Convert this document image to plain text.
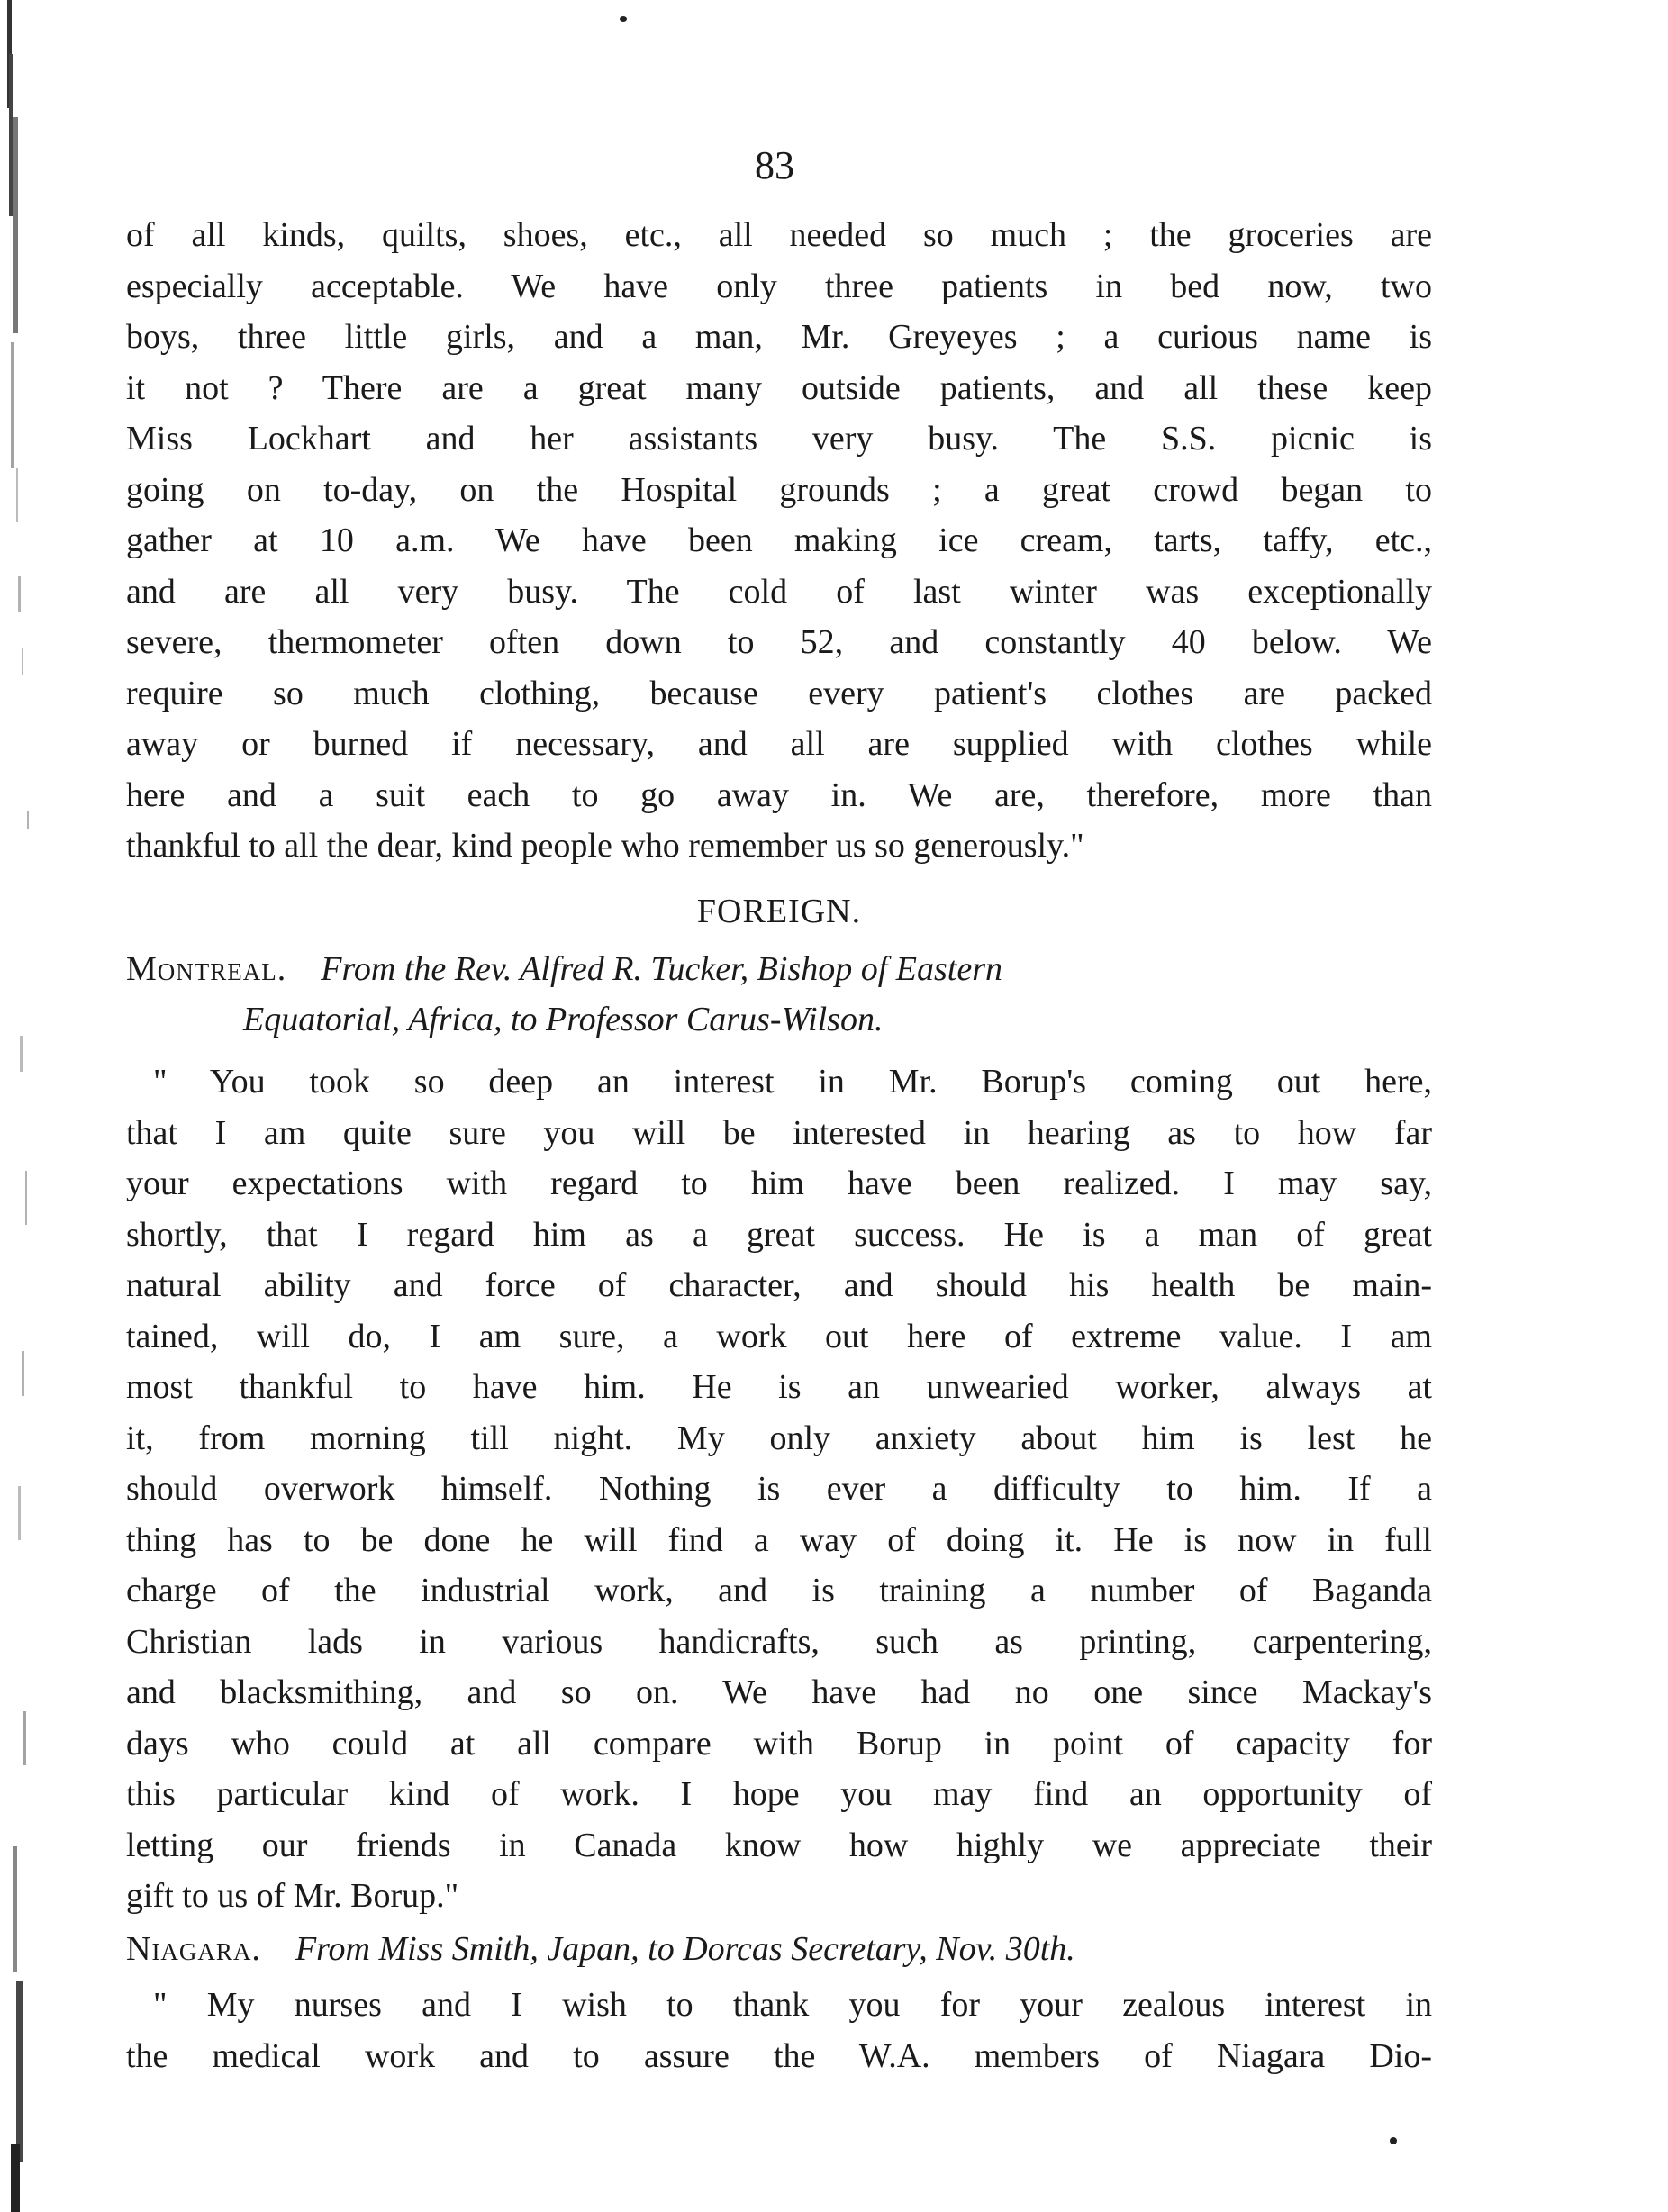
83
of all kinds, quilts, shoes, etc., all needed so much ; the groceries are
especially acceptable. We have only three patients in bed now, two
boys, three little girls, and a man, Mr. Greyeyes ; a curious name is
it not ? There are a great many outside patients, and all these keep
Miss Lockhart and her assistants very busy. The S.S. picnic is
going on to-day, on the Hospital grounds ; a great crowd began to
gather at 10 a.m. We have been making ice cream, tarts, taffy, etc.,
and are all very busy. The cold of last winter was exceptionally
severe, thermometer often down to 52, and constantly 40 below. We
require so much clothing, because every patient's clothes are packed
away or burned if necessary, and all are supplied with clothes while
here and a suit each to go away in. We are, therefore, more than
thankful to all the dear, kind people who remember us so generously."
FOREIGN.
Montreal. From the Rev. Alfred R. Tucker, Bishop of Eastern
Equatorial, Africa, to Professor Carus-Wilson.
" You took so deep an interest in Mr. Borup's coming out here,
that I am quite sure you will be interested in hearing as to how far
your expectations with regard to him have been realized. I may say,
shortly, that I regard him as a great success. He is a man of great
natural ability and force of character, and should his health be main-
tained, will do, I am sure, a work out here of extreme value. I am
most thankful to have him. He is an unwearied worker, always at
it, from morning till night. My only anxiety about him is lest he
should overwork himself. Nothing is ever a difficulty to him. If a
thing has to be done he will find a way of doing it. He is now in full
charge of the industrial work, and is training a number of Baganda
Christian lads in various handicrafts, such as printing, carpentering,
and blacksmithing, and so on. We have had no one since Mackay's
days who could at all compare with Borup in point of capacity for
this particular kind of work. I hope you may find an opportunity of
letting our friends in Canada know how highly we appreciate their
gift to us of Mr. Borup."
Niagara. From Miss Smith, Japan, to Dorcas Secretary, Nov. 30th.
" My nurses and I wish to thank you for your zealous interest in
the medical work and to assure the W.A. members of Niagara Dio-
